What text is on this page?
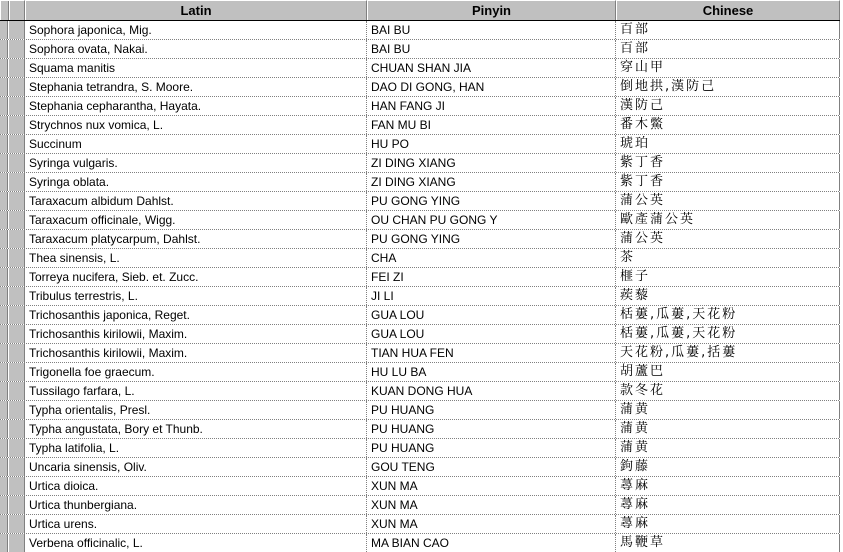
Latin	Pinyin	Chinese
Sophora japonica, Mig.	BAI BU	百部
Sophora ovata, Nakai.	BAI BU	百部
Squama manitis	CHUAN SHAN JIA	穿山甲
Stephania tetrandra, S. Moore.	DAO DI GONG, HAN	倒地拱,漢防己
Stephania cepharantha, Hayata.	HAN FANG JI	漢防己
Strychnos nux vomica, L.	FAN MU BI	番木鱉
Succinum	HU PO	琥珀
Syringa vulgaris.	ZI DING XIANG	紫丁香
Syringa oblata.	ZI DING XIANG	紫丁香
Taraxacum albidum Dahlst.	PU GONG YING	蒲公英
Taraxacum officinale, Wigg.	OU CHAN PU GONG Y	歐產蒲公英
Taraxacum platycarpum, Dahlst.	PU GONG YING	蒲公英
Thea sinensis, L.	CHA	茶
Torreya nucifera, Sieb. et. Zucc.	FEI ZI	榧子
Tribulus terrestris, L.	JI LI	蒺藜
Trichosanthis japonica, Reget.	GUA LOU	栝蔞,瓜蔞,天花粉
Trichosanthis kirilowii, Maxim.	GUA LOU	栝蔞,瓜蔞,天花粉
Trichosanthis kirilowii, Maxim.	TIAN HUA FEN	天花粉,瓜蔞,括蔞
Trigonella foe graecum.	HU LU BA	胡蘆巴
Tussilago farfara, L.	KUAN DONG HUA	款冬花
Typha orientalis, Presl.	PU HUANG	蒲黄
Typha angustata, Bory et Thunb.	PU HUANG	蒲黄
Typha latifolia, L.	PU HUANG	蒲黄
Uncaria sinensis, Oliv.	GOU TENG	鉤藤
Urtica dioica.	XUN MA	蕁麻
Urtica thunbergiana.	XUN MA	蕁麻
Urtica urens.	XUN MA	蕁麻
Verbena officinalic, L.	MA BIAN CAO	馬鞭草
